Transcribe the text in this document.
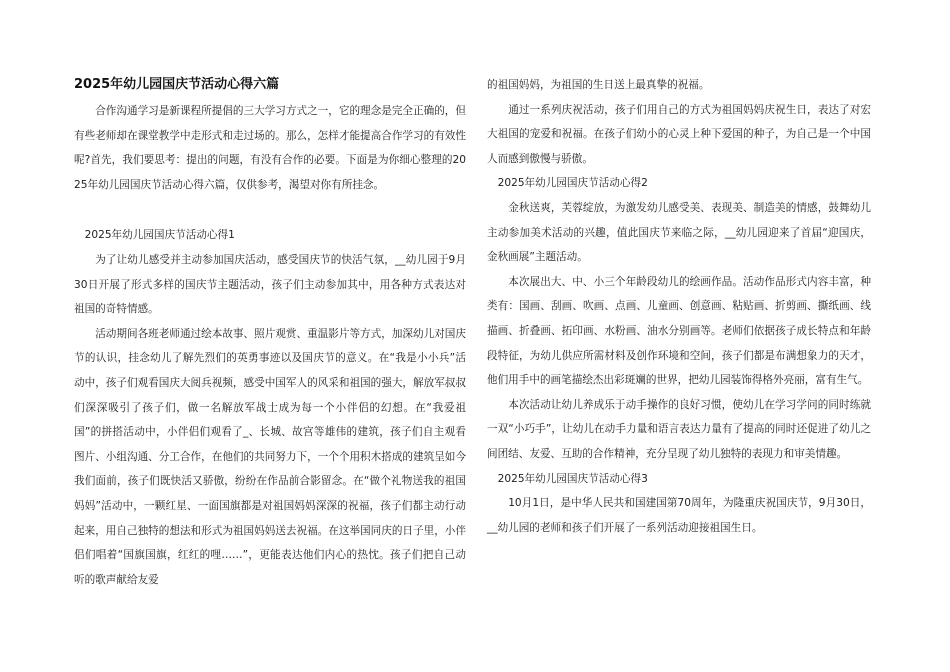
2025年幼儿园国庆节活动心得六篇

合作沟通学习是新课程所提倡的三大学习方式之一，它的理念是完全正确的，但有些老师却在课堂教学中走形式和走过场的。那么，怎样才能提高合作学习的有效性呢?首先，我们要思考：提出的问题，有没有合作的必要。下面是为你细心整理的2025年幼儿园国庆节活动心得六篇，仅供参考，渴望对你有所挂念。

2025年幼儿园国庆节活动心得1

为了让幼儿感受并主动参加国庆活动，感受国庆节的快活气氛，__幼儿园于9月30日开展了形式多样的国庆节主题活动，孩子们主动参加其中，用各种方式表达对祖国的奇特情感。

活动期间各班老师通过绘本故事、照片观赏、重温影片等方式，加深幼儿对国庆节的认识，挂念幼儿了解先烈们的英勇事迹以及国庆节的意义。在“我是小小兵”活动中，孩子们观看国庆大阅兵视频，感受中国军人的风采和祖国的强大，解放军叔叔们深深吸引了孩子们，做一名解放军战士成为每一个小伴侣的幻想。在“我爱祖国”的拼搭活动中，小伴侣们观看了_、长城、故宫等雄伟的建筑，孩子们自主观看图片、小组沟通、分工合作，在他们的共同努力下，一个个用积木搭成的建筑呈如今我们面前，孩子们既快活又骄傲，纷纷在作品前合影留念。在“做个礼物送我的祖国妈妈”活动中，一颗红星、一面国旗都是对祖国妈妈深深的祝福，孩子们都主动行动起来，用自己独特的想法和形式为祖国妈妈送去祝福。在这举国同庆的日子里，小伴侣们唱着“国旗国旗，红红的哩……”，更能表达他们内心的热忱。孩子们把自己动听的歌声献给友爱

的祖国妈妈，为祖国的生日送上最真挚的祝福。

通过一系列庆祝活动，孩子们用自己的方式为祖国妈妈庆祝生日，表达了对宏大祖国的宠爱和祝福。在孩子们幼小的心灵上种下爱国的种子，为自己是一个中国人而感到傲慢与骄傲。

2025年幼儿园国庆节活动心得2

金秋送爽，芙蓉绽放，为激发幼儿感受美、表现美、制造美的情感，鼓舞幼儿主动参加美术活动的兴趣，值此国庆节来临之际，__幼儿园迎来了首届“迎国庆，金秋画展”主题活动。

本次展出大、中、小三个年龄段幼儿的绘画作品。活动作品形式内容丰富，种类有：国画、刮画、吹画、点画、儿童画、创意画、粘贴画、折剪画、撕纸画、线描画、折叠画、拓印画、水粉画、油水分别画等。老师们依据孩子成长特点和年龄段特征，为幼儿供应所需材料及创作环境和空间，孩子们都是布满想象力的天才，他们用手中的画笔描绘杰出彩斑斓的世界，把幼儿园装饰得格外亮丽，富有生气。

本次活动让幼儿养成乐于动手操作的良好习惯，使幼儿在学习学问的同时练就一双“小巧手”，让幼儿在动手力量和语言表达力量有了提高的同时还促进了幼儿之间团结、友爱、互助的合作精神，充分呈现了幼儿独特的表现力和审美情趣。

2025年幼儿园国庆节活动心得3

10月1日，是中华人民共和国建国第70周年，为隆重庆祝国庆节，9月30日，__幼儿园的老师和孩子们开展了一系列活动迎接祖国生日。
